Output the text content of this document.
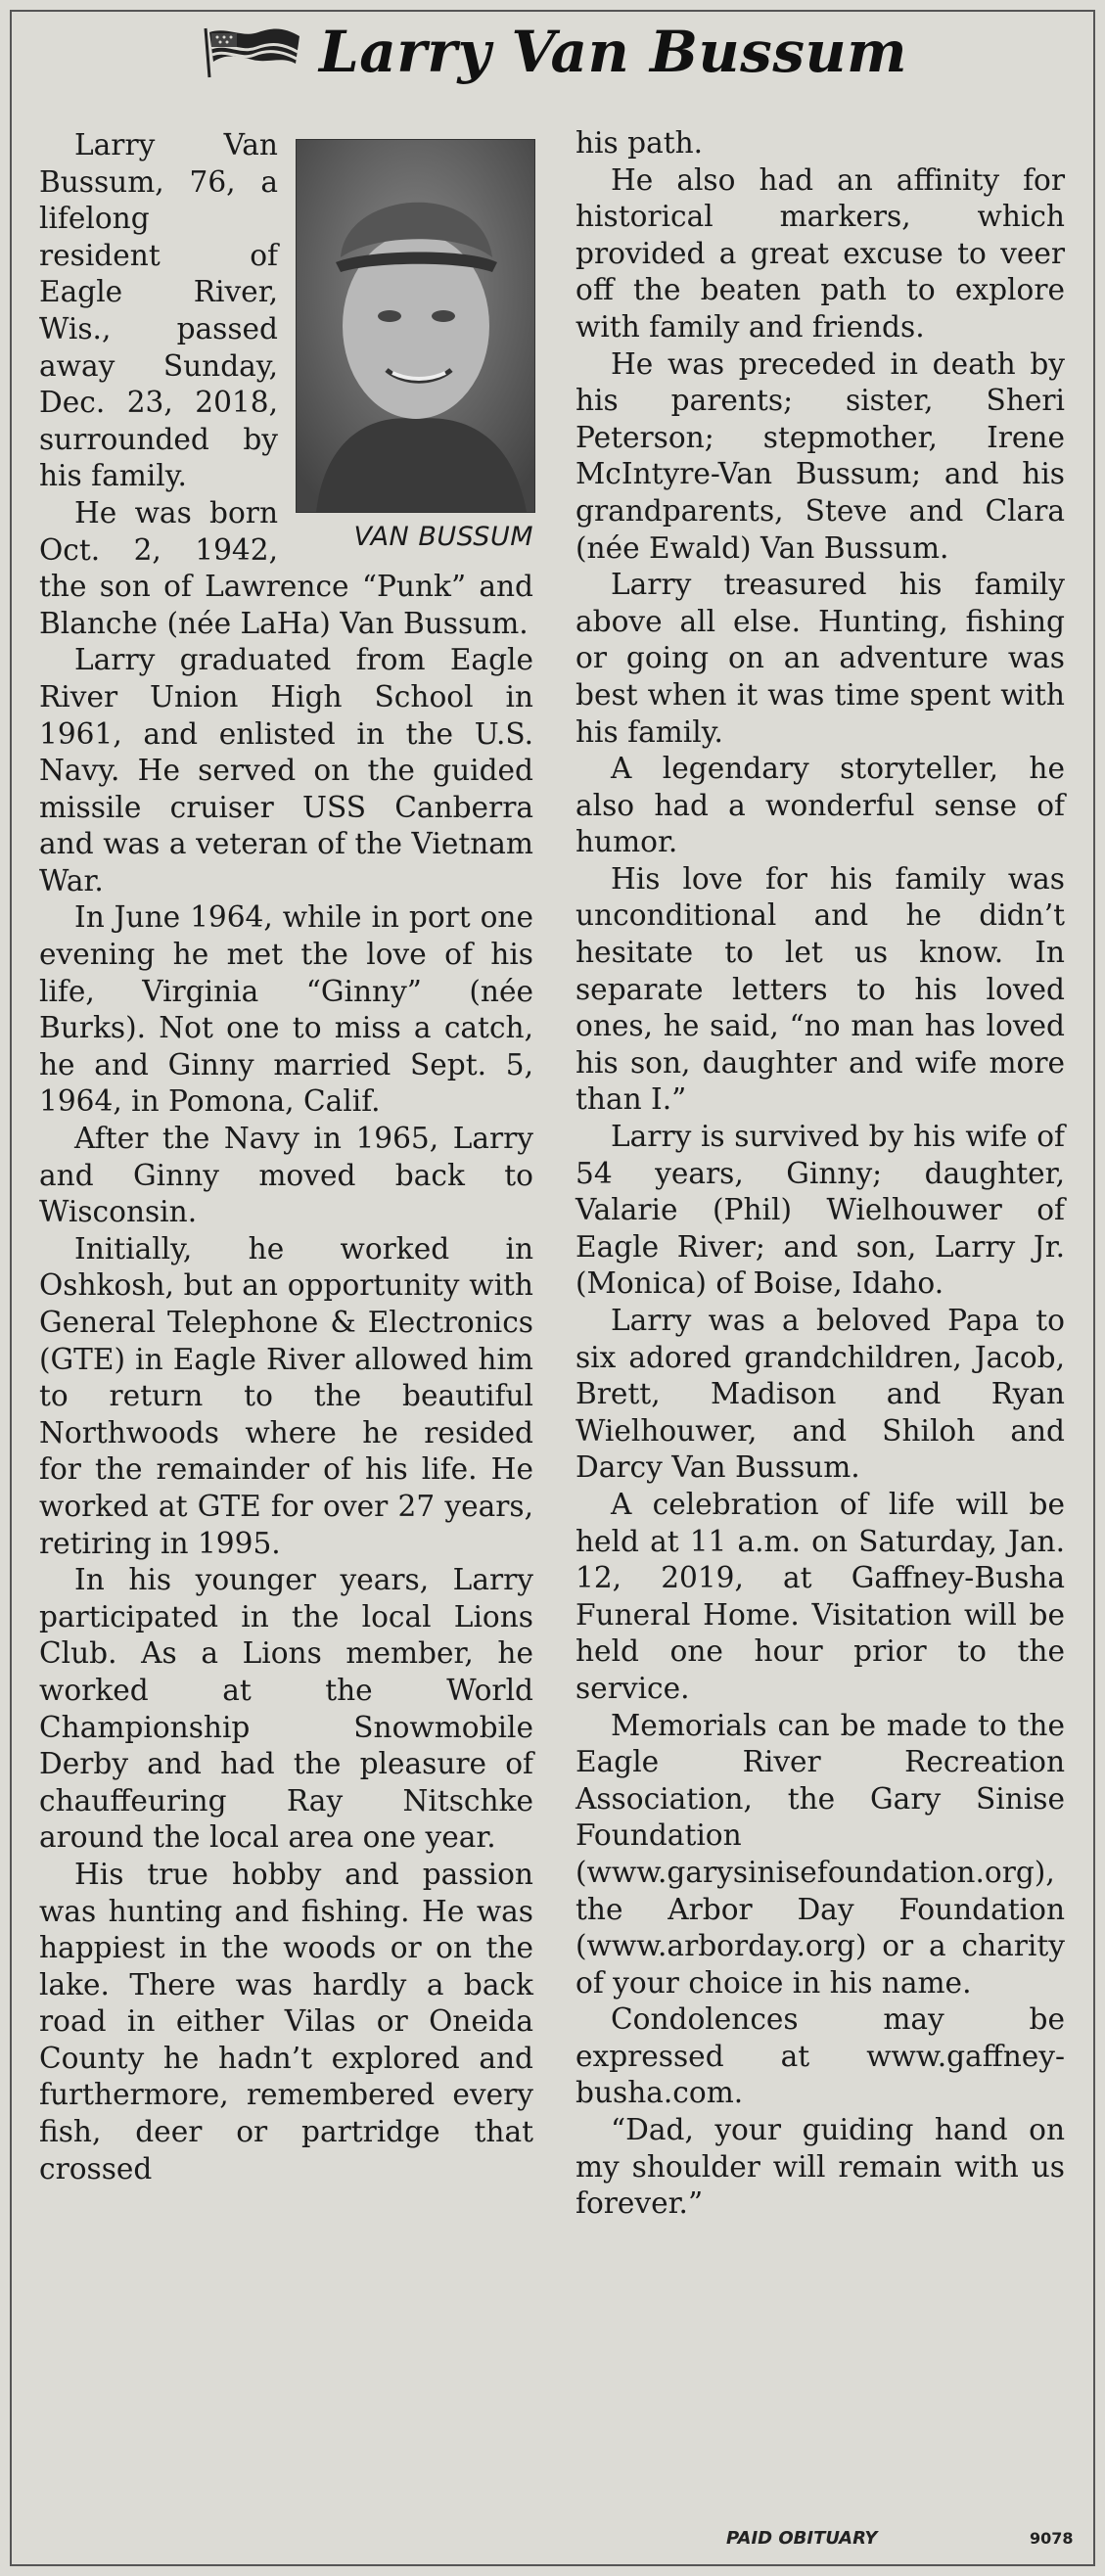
Larry Van Bussum
VAN BUSSUM

Larry Van Bussum, 76, a lifelong resident of Eagle River, Wis., passed away Sunday, Dec. 23, 2018, surrounded by his family.

He was born Oct. 2, 1942, the son of Lawrence “Punk” and Blanche (née LaHa) Van Bussum.

Larry graduated from Eagle River Union High School in 1961, and enlisted in the U.S. Navy. He served on the guided missile cruiser USS Canberra and was a veteran of the Vietnam War.

In June 1964, while in port one evening he met the love of his life, Virginia “Ginny” (née Burks). Not one to miss a catch, he and Ginny married Sept. 5, 1964, in Pomona, Calif.

After the Navy in 1965, Larry and Ginny moved back to Wisconsin.

Initially, he worked in Oshkosh, but an opportunity with General Telephone & Electronics (GTE) in Eagle River allowed him to return to the beautiful Northwoods where he resided for the remainder of his life. He worked at GTE for over 27 years, retiring in 1995.

In his younger years, Larry participated in the local Lions Club. As a Lions member, he worked at the World Championship Snowmobile Derby and had the pleasure of chauffeuring Ray Nitschke around the local area one year.

His true hobby and passion was hunting and fishing. He was happiest in the woods or on the lake. There was hardly a back road in either Vilas or Oneida County he hadn’t explored and furthermore, remembered every fish, deer or partridge that crossed

his path.

He also had an affinity for historical markers, which provided a great excuse to veer off the beaten path to explore with family and friends.

He was preceded in death by his parents; sister, Sheri Peterson; stepmother, Irene McIntyre-Van Bussum; and his grandparents, Steve and Clara (née Ewald) Van Bussum.

Larry treasured his family above all else. Hunting, fishing or going on an adventure was best when it was time spent with his family.

A legendary storyteller, he also had a wonderful sense of humor.

His love for his family was unconditional and he didn’t hesitate to let us know. In separate letters to his loved ones, he said, “no man has loved his son, daughter and wife more than I.”

Larry is survived by his wife of 54 years, Ginny; daughter, Valarie (Phil) Wielhouwer of Eagle River; and son, Larry Jr. (Monica) of Boise, Idaho.

Larry was a beloved Papa to six adored grandchildren, Jacob, Brett, Madison and Ryan Wielhouwer, and Shiloh and Darcy Van Bussum.

A celebration of life will be held at 11 a.m. on Saturday, Jan. 12, 2019, at Gaffney-Busha Funeral Home. Visitation will be held one hour prior to the service.

Memorials can be made to the Eagle River Recreation Association, the Gary Sinise Foundation (www.garysinisefoundation.org), the Arbor Day Foundation (www.arborday.org) or a charity of your choice in his name.

Condolences may be expressed at www.gaffney-busha.com.

“Dad, your guiding hand on my shoulder will remain with us forever.”

PAID OBITUARY	9078
